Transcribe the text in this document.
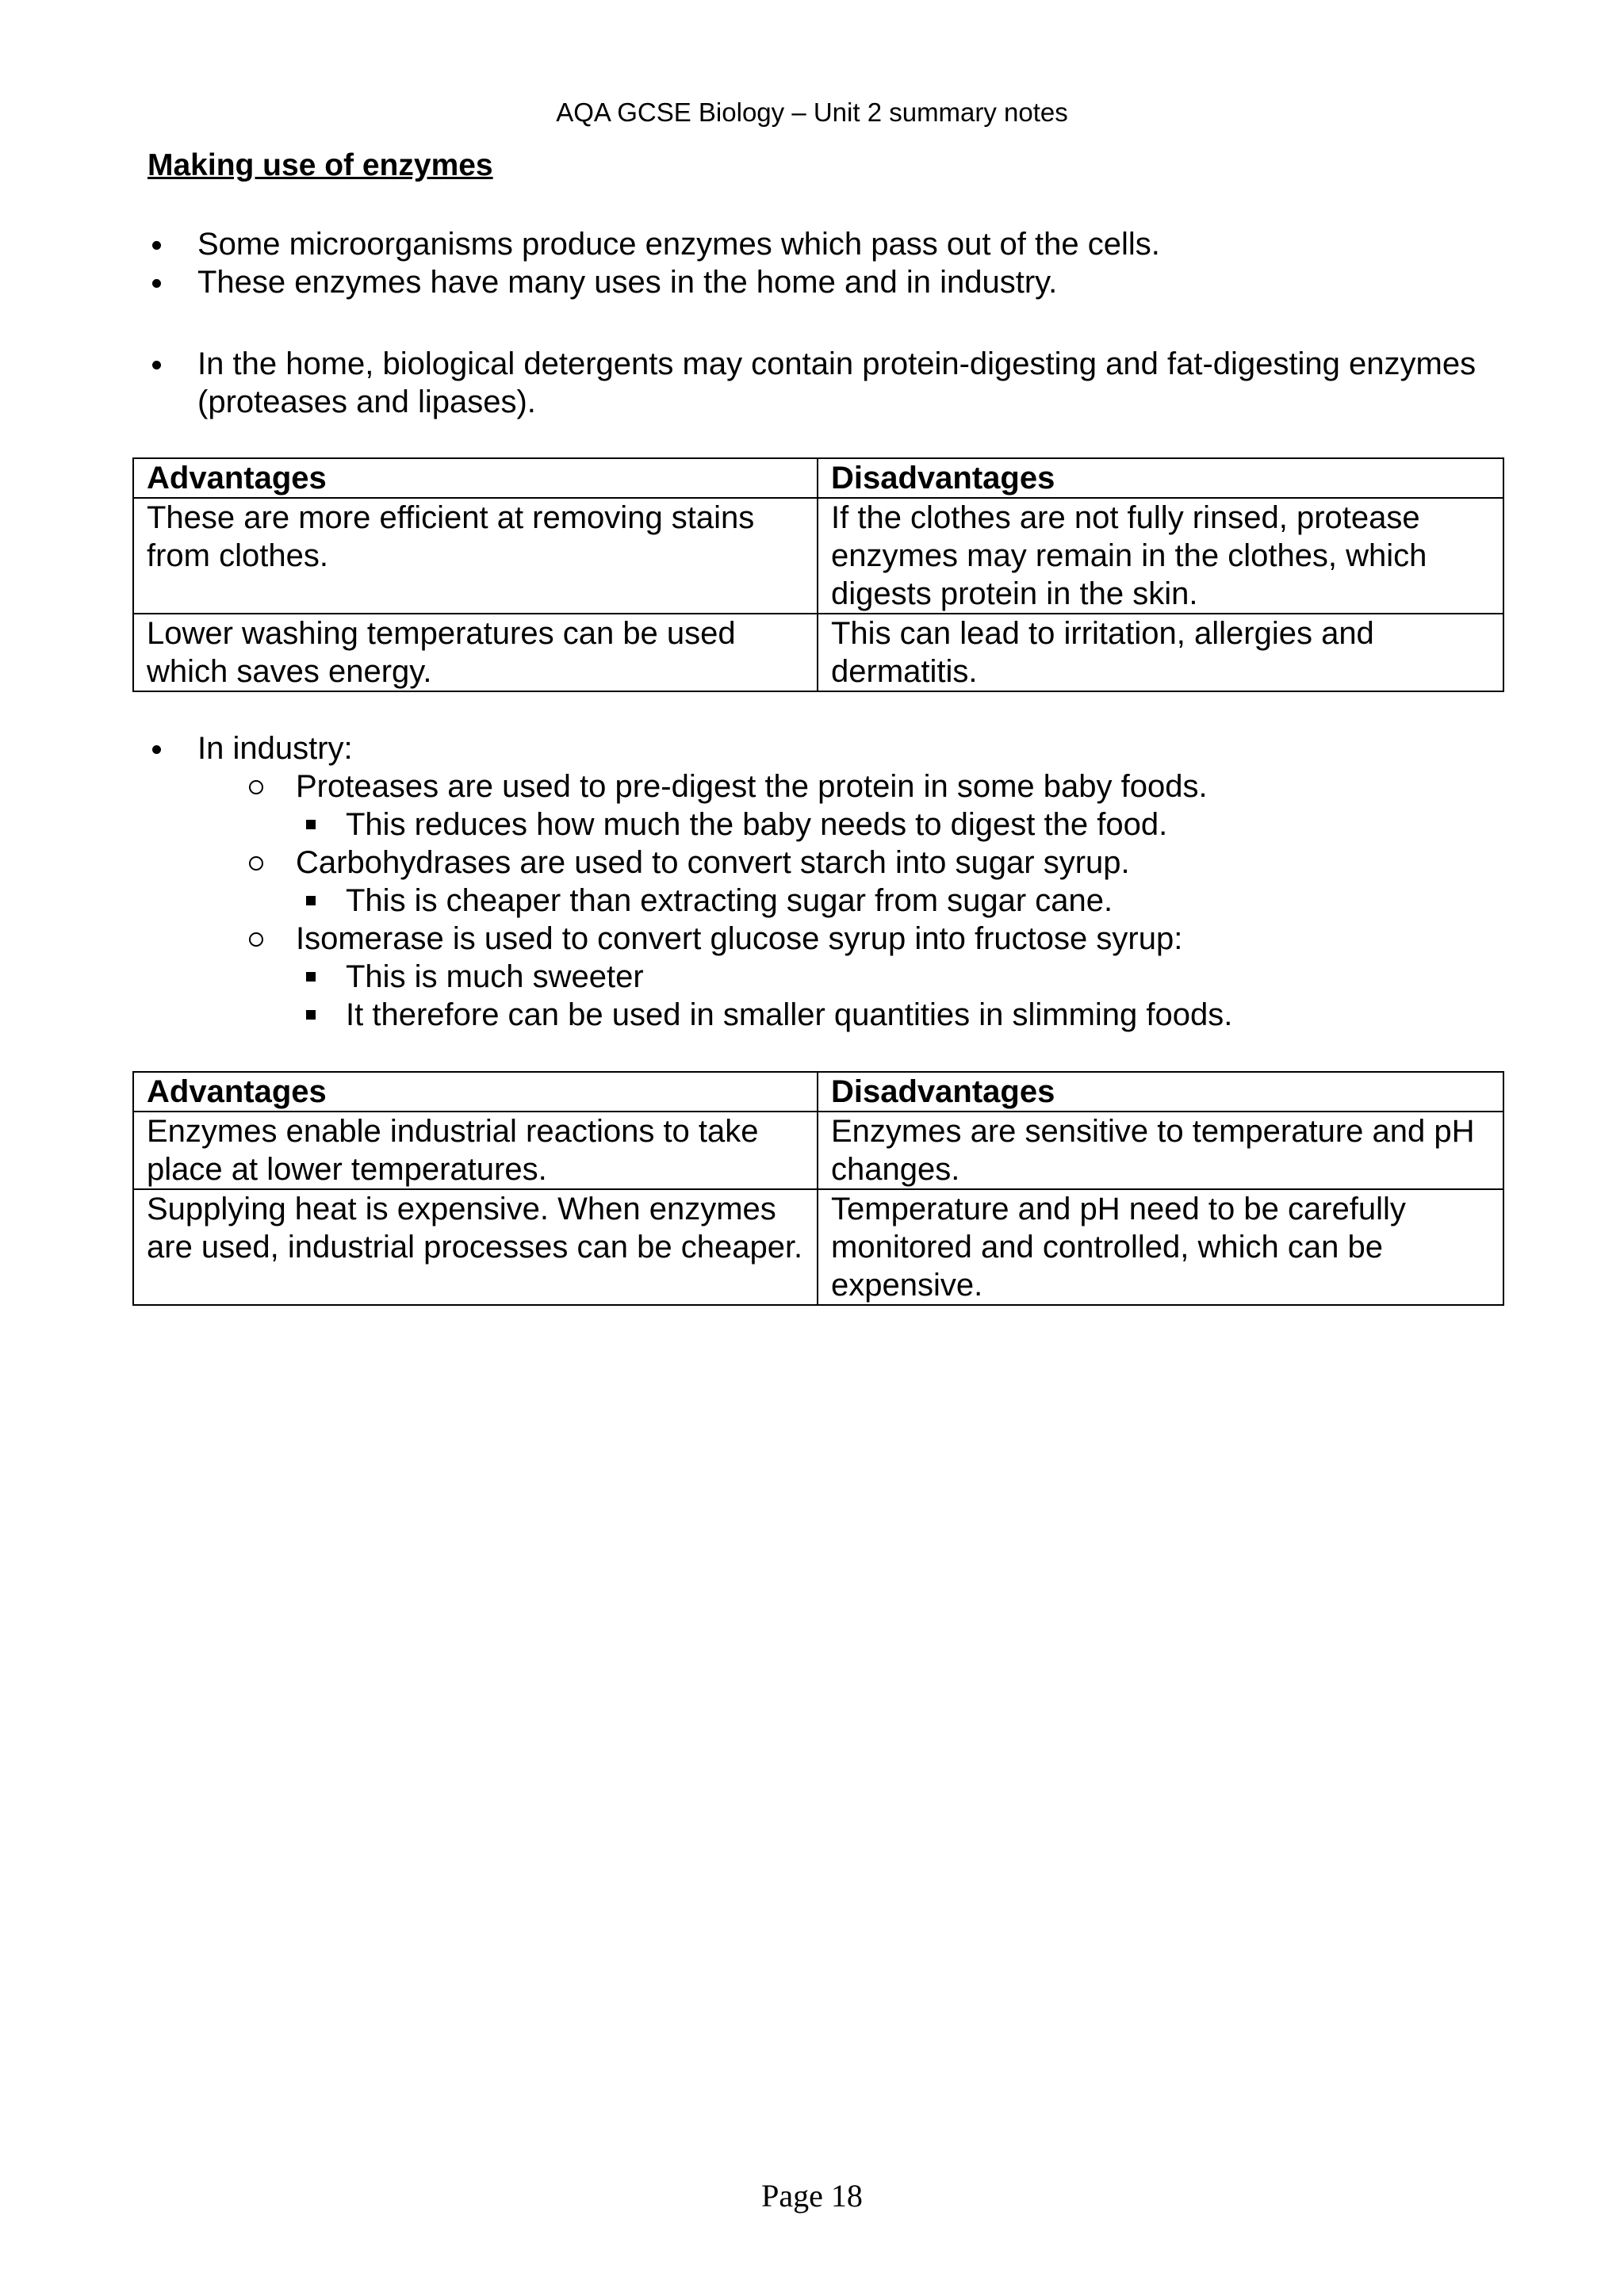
AQA GCSE Biology – Unit 2 summary notes
Making use of enzymes
Some microorganisms produce enzymes which pass out of the cells.
These enzymes have many uses in the home and in industry.
In the home, biological detergents may contain protein-digesting and fat-digesting enzymes (proteases and lipases).
Advantages	Disadvantages
These are more efficient at removing stains from clothes.	If the clothes are not fully rinsed, protease enzymes may remain in the clothes, which digests protein in the skin.
Lower washing temperatures can be used which saves energy.	This can lead to irritation, allergies and dermatitis.
In industry:
Proteases are used to pre-digest the protein in some baby foods.
This reduces how much the baby needs to digest the food.
Carbohydrases are used to convert starch into sugar syrup.
This is cheaper than extracting sugar from sugar cane.
Isomerase is used to convert glucose syrup into fructose syrup:
This is much sweeter
It therefore can be used in smaller quantities in slimming foods.
Advantages	Disadvantages
Enzymes enable industrial reactions to take place at lower temperatures.	Enzymes are sensitive to temperature and pH changes.
Supplying heat is expensive. When enzymes are used, industrial processes can be cheaper.	Temperature and pH need to be carefully monitored and controlled, which can be expensive.
Page 18
